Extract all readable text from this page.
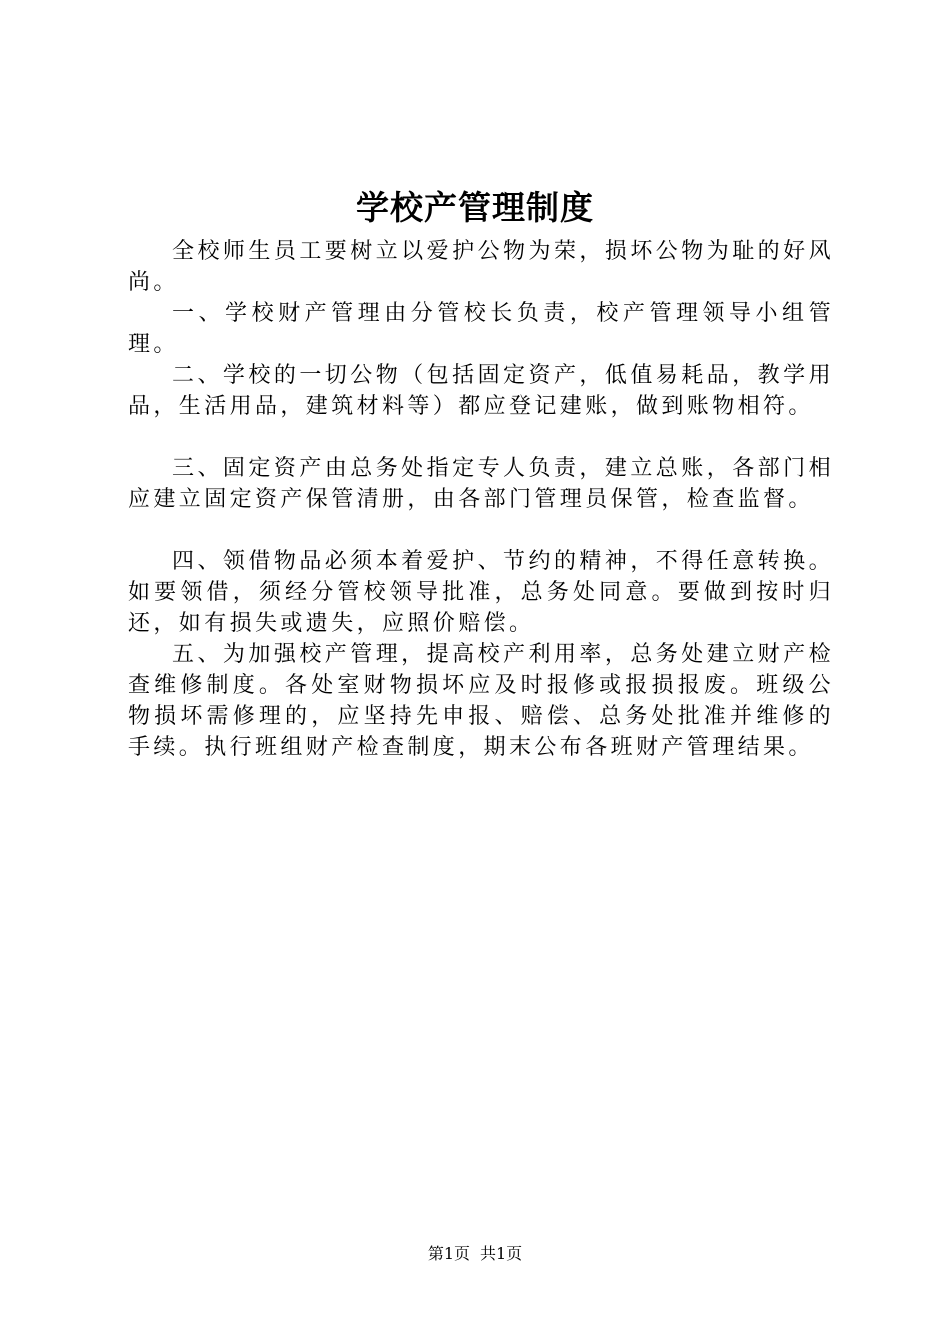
学校产管理制度

全校师生员工要树立以爱护公物为荣，损坏公物为耻的好风尚。

一、学校财产管理由分管校长负责，校产管理领导小组管理。

二、学校的一切公物（包括固定资产，低值易耗品，教学用品，生活用品，建筑材料等）都应登记建账，做到账物相符。

三、固定资产由总务处指定专人负责，建立总账，各部门相应建立固定资产保管清册，由各部门管理员保管，检查监督。

四、领借物品必须本着爱护、节约的精神，不得任意转换。如要领借，须经分管校领导批准，总务处同意。要做到按时归还，如有损失或遗失，应照价赔偿。

五、为加强校产管理，提高校产利用率，总务处建立财产检查维修制度。各处室财物损坏应及时报修或报损报废。班级公物损坏需修理的，应坚持先申报、赔偿、总务处批准并维修的手续。执行班组财产检查制度，期末公布各班财产管理结果。

第1页 共1页
